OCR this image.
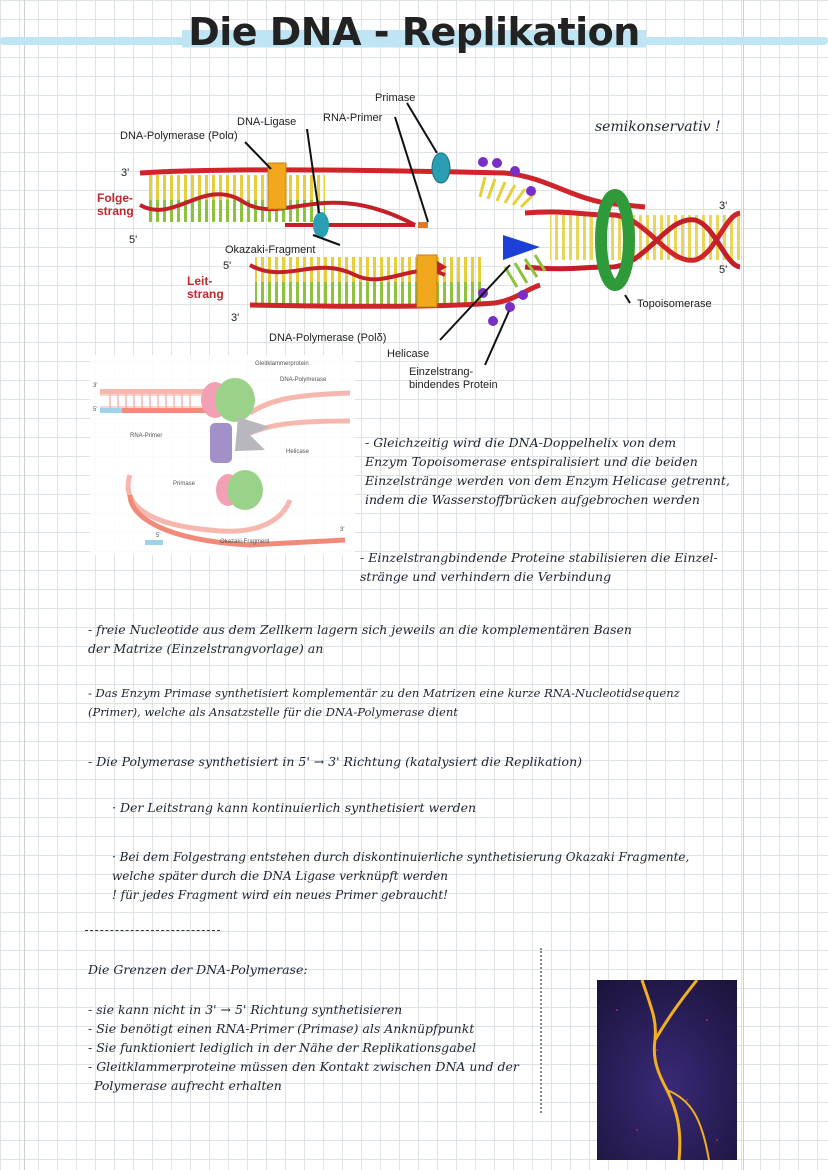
Die DNA - Replikation
semikonservativ !
Primase
RNA-Primer
DNA-Ligase
DNA-Polymerase (Polα)
3'
Folge-
strang
5'
Okazaki-Fragment
5'
Leit-
strang
3'
DNA-Polymerase (Polδ)
Helicase
Einzelstrang-
bindendes Protein
Topoisomerase
3'
5'
Gleitklammerprotein
DNA-Polymerase
RNA-Primer
Helicase
Primase
Okazaki-Fragment
3'
5'
3'
5'
- Gleichzeitig wird die DNA-Doppelhelix von dem
Enzym Topoisomerase entspiralisiert und die beiden
Einzelstränge werden von dem Enzym Helicase getrennt,
indem die Wasserstoffbrücken aufgebrochen werden
- Einzelstrangbindende Proteine stabilisieren die Einzel-
stränge und verhindern die Verbindung
- freie Nucleotide aus dem Zellkern lagern sich jeweils an die komplementären Basen
der Matrize (Einzelstrangvorlage) an
- Das Enzym Primase synthetisiert komplementär zu den Matrizen eine kurze RNA-Nucleotidsequenz
(Primer), welche als Ansatzstelle für die DNA-Polymerase dient
- Die Polymerase synthetisiert in 5' → 3' Richtung (katalysiert die Replikation)
· Der Leitstrang kann kontinuierlich synthetisiert werden
· Bei dem Folgestrang entstehen durch diskontinuierliche synthetisierung Okazaki Fragmente,
welche später durch die DNA Ligase verknüpft werden
! für jedes Fragment wird ein neues Primer gebraucht!
Die Grenzen der DNA-Polymerase:
- sie kann nicht in 3' → 5' Richtung synthetisieren
- Sie benötigt einen RNA-Primer (Primase) als Anknüpfpunkt
- Sie funktioniert lediglich in der Nähe der Replikationsgabel
- Gleitklammerproteine müssen den Kontakt zwischen DNA und der
Polymerase aufrecht erhalten
